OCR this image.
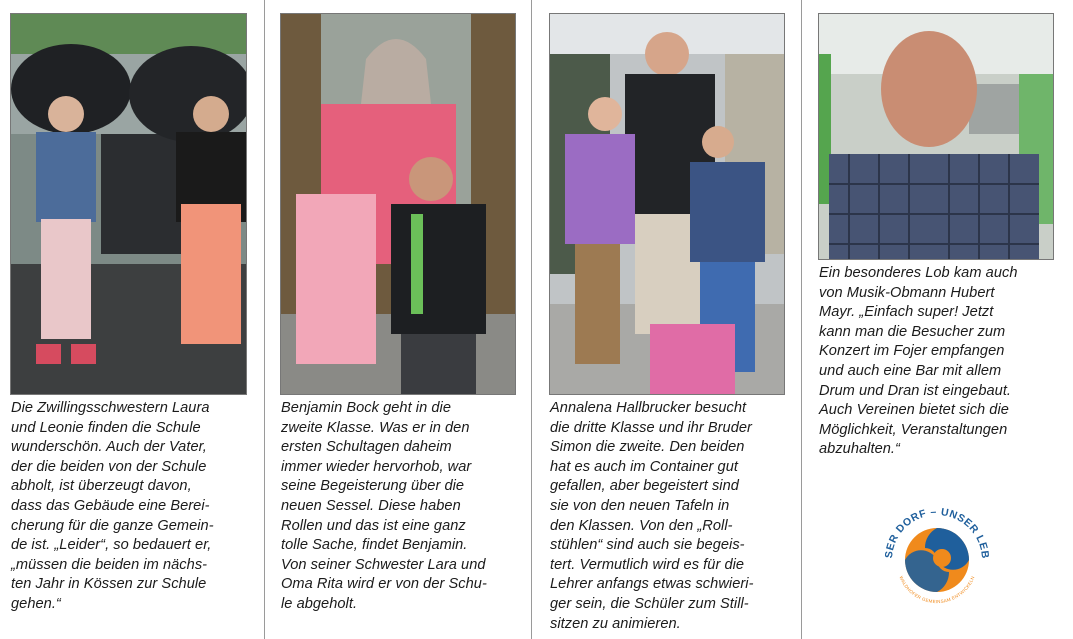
Die Zwillingsschwestern Laura
und Leonie finden die Schule
wunderschön. Auch der Vater,
der die beiden von der Schule
abholt, ist überzeugt davon,
dass das Gebäude eine Berei-
cherung für die ganze Gemein-
de ist. „Leider“, so bedauert er,
„müssen die beiden im nächs-
ten Jahr in Kössen zur Schule
gehen.“
Benjamin Bock geht in die
zweite Klasse. Was er in den
ersten Schultagen daheim
immer wieder hervorhob, war
seine Begeisterung über die
neuen Sessel. Diese haben
Rollen und das ist eine ganz
tolle Sache, findet Benjamin.
Von seiner Schwester Lara und
Oma Rita wird er von der Schu-
le abgeholt.
Annalena Hallbrucker besucht
die dritte Klasse und ihr Bruder
Simon die zweite. Den beiden
hat es auch im Container gut
gefallen, aber begeistert sind
sie von den neuen Tafeln in
den Klassen. Von den „Roll-
stühlen“ sind auch sie begeis-
tert. Vermutlich wird es für die
Lehrer anfangs etwas schwieri-
ger sein, die Schüler zum Still-
sitzen zu animieren.
Ein besonderes Lob kam auch
von Musik-Obmann Hubert
Mayr. „Einfach super! Jetzt
kann man die Besucher zum
Konzert im Fojer empfangen
und auch eine Bar mit allem
Drum und Dran ist eingebaut.
Auch Vereinen bietet sich die
Möglichkeit, Veranstaltungen
abzuhalten.“
SER DORF – UNSER LEB
WALDHOFER GEMEINSAM ENTWICKELN
